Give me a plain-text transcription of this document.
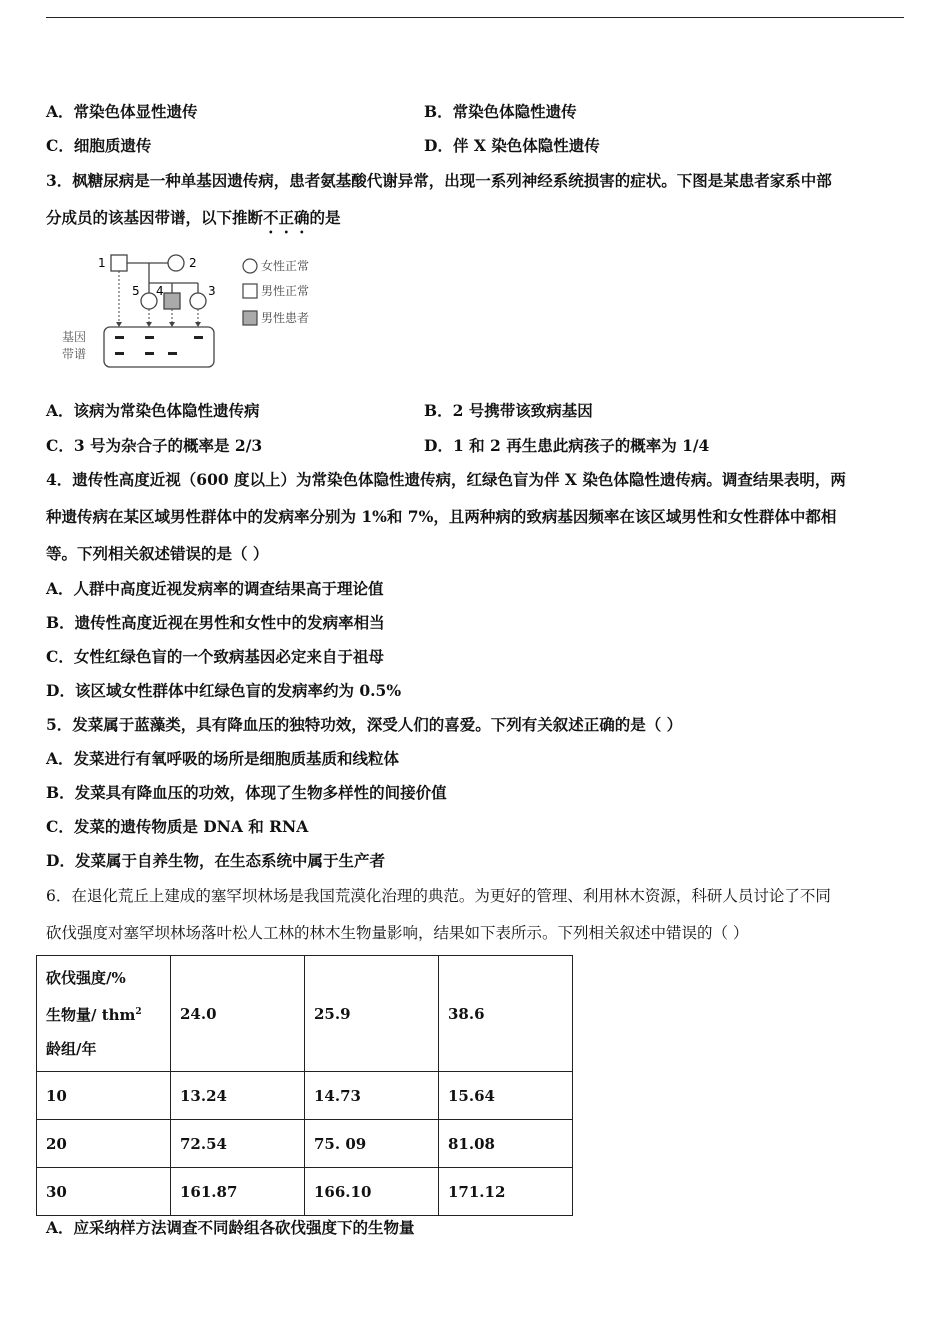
A．常染色体显性遗传	B．常染色体隐性遗传
C．细胞质遗传	D．伴 X 染色体隐性遗传
3．枫糖尿病是一种单基因遗传病，患者氨基酸代谢异常，出现一系列神经系统损害的症状。下图是某患者家系中部
分成员的该基因带谱，以下推断不正确的是
1	2
5 4	3
基因
带谱
女性正常
男性正常
男性患者
A．该病为常染色体隐性遗传病	B．2 号携带该致病基因
C．3 号为杂合子的概率是 2/3	D．1 和 2 再生患此病孩子的概率为 1/4
4．遗传性高度近视（600 度以上）为常染色体隐性遗传病，红绿色盲为伴 X 染色体隐性遗传病。调查结果表明，两
种遗传病在某区域男性群体中的发病率分别为 1%和 7%，且两种病的致病基因频率在该区域男性和女性群体中都相
等。下列相关叙述错误的是（ ）
A．人群中高度近视发病率的调查结果高于理论值
B．遗传性高度近视在男性和女性中的发病率相当
C．女性红绿色盲的一个致病基因必定来自于祖母
D．该区域女性群体中红绿色盲的发病率约为 0.5%
5．发菜属于蓝藻类，具有降血压的独特功效，深受人们的喜爱。下列有关叙述正确的是（ ）
A．发菜进行有氧呼吸的场所是细胞质基质和线粒体
B．发菜具有降血压的功效，体现了生物多样性的间接价值
C．发菜的遗传物质是 DNA 和 RNA
D．发菜属于自养生物，在生态系统中属于生产者
6．在退化荒丘上建成的塞罕坝林场是我国荒漠化治理的典范。为更好的管理、利用林木资源，科研人员讨论了不同
砍伐强度对塞罕坝林场落叶松人工林的林木生物量影响，结果如下表所示。下列相关叙述中错误的（ ）
砍伐强度/%
生物量/ thm$^2$
龄组/年	24.0	25.9	38.6
10	13.24	14.73	15.64
20	72.54	75. 09	81.08
30	161.87	166.10	171.12
A．应采纳样方法调查不同龄组各砍伐强度下的生物量
